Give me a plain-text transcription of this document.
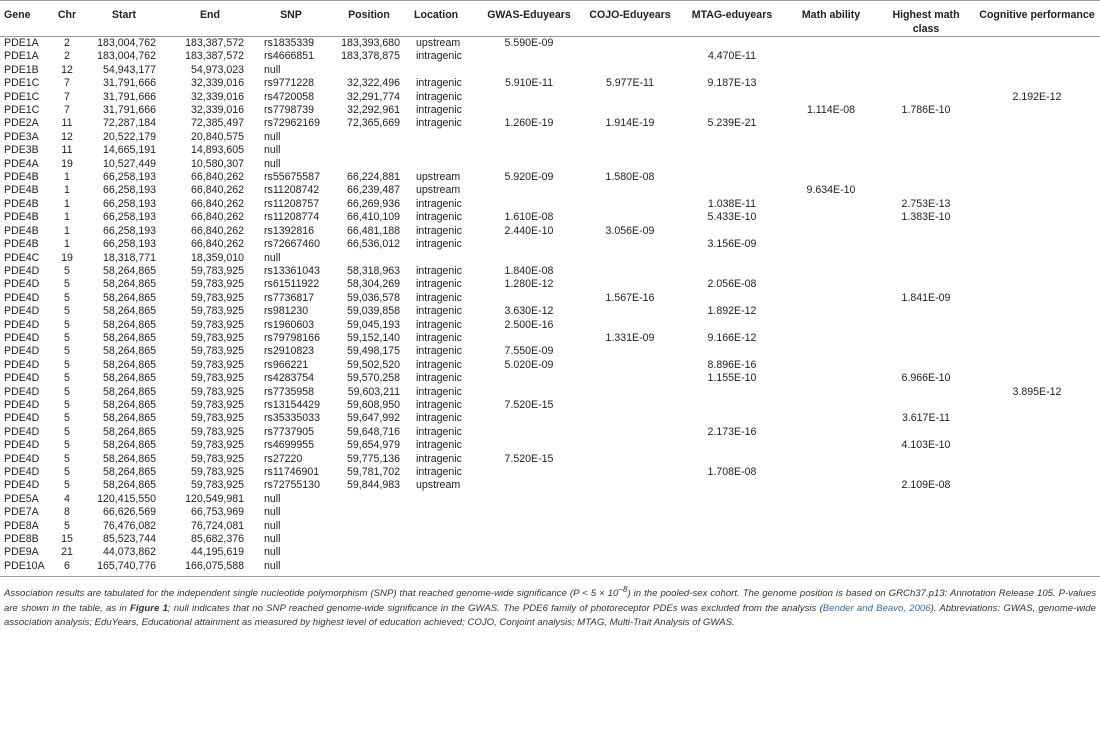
Gene	Chr	Start	End	SNP	Position	Location	GWAS-Eduyears	COJO-Eduyears	MTAG-eduyears	Math ability	Highest math class	Cognitive performance
PDE1A	2	183,004,762	183,387,572	rs1835339	183,393,680	upstream	5.590E-09					
PDE1A	2	183,004,762	183,387,572	rs4666851	183,378,875	intragenic			4.470E-11			
PDE1B	12	54,943,177	54,973,023	null								
PDE1C	7	31,791,666	32,339,016	rs9771228	32,322,496	intragenic	5.910E-11	5.977E-11	9.187E-13			
PDE1C	7	31,791,666	32,339,016	rs4720058	32,291,774	intragenic						2.192E-12
PDE1C	7	31,791,666	32,339,016	rs7798739	32,292,961	intragenic				1.114E-08	1.786E-10	
PDE2A	11	72,287,184	72,385,497	rs72962169	72,365,669	intragenic	1.260E-19	1.914E-19	5.239E-21			
PDE3A	12	20,522,179	20,840,575	null								
PDE3B	11	14,665,191	14,893,605	null								
PDE4A	19	10,527,449	10,580,307	null								
PDE4B	1	66,258,193	66,840,262	rs55675587	66,224,881	upstream	5.920E-09	1.580E-08				
PDE4B	1	66,258,193	66,840,262	rs11208742	66,239,487	upstream				9.634E-10		
PDE4B	1	66,258,193	66,840,262	rs11208757	66,269,936	intragenic			1.038E-11		2.753E-13	
PDE4B	1	66,258,193	66,840,262	rs11208774	66,410,109	intragenic	1.610E-08		5.433E-10		1.383E-10	
PDE4B	1	66,258,193	66,840,262	rs1392816	66,481,188	intragenic	2.440E-10	3.056E-09				
PDE4B	1	66,258,193	66,840,262	rs72667460	66,536,012	intragenic			3.156E-09			
PDE4C	19	18,318,771	18,359,010	null								
PDE4D	5	58,264,865	59,783,925	rs13361043	58,318,963	intragenic	1.840E-08					
PDE4D	5	58,264,865	59,783,925	rs61511922	58,304,269	intragenic	1.280E-12		2.056E-08			
PDE4D	5	58,264,865	59,783,925	rs7736817	59,036,578	intragenic		1.567E-16			1.841E-09	
PDE4D	5	58,264,865	59,783,925	rs981230	59,039,858	intragenic	3.630E-12		1.892E-12			
PDE4D	5	58,264,865	59,783,925	rs1960603	59,045,193	intragenic	2.500E-16					
PDE4D	5	58,264,865	59,783,925	rs79798166	59,152,140	intragenic		1.331E-09	9.166E-12			
PDE4D	5	58,264,865	59,783,925	rs2910823	59,498,175	intragenic	7.550E-09					
PDE4D	5	58,264,865	59,783,925	rs966221	59,502,520	intragenic	5.020E-09		8.896E-16			
PDE4D	5	58,264,865	59,783,925	rs4283754	59,570,258	intragenic			1.155E-10		6.966E-10	
PDE4D	5	58,264,865	59,783,925	rs7735958	59,603,211	intragenic						3.895E-12
PDE4D	5	58,264,865	59,783,925	rs13154429	59,608,950	intragenic	7.520E-15					
PDE4D	5	58,264,865	59,783,925	rs35335033	59,647,992	intragenic					3.617E-11	
PDE4D	5	58,264,865	59,783,925	rs7737905	59,648,716	intragenic			2.173E-16			
PDE4D	5	58,264,865	59,783,925	rs4699955	59,654,979	intragenic					4.103E-10	
PDE4D	5	58,264,865	59,783,925	rs27220	59,775,136	intragenic	7.520E-15					
PDE4D	5	58,264,865	59,783,925	rs11746901	59,781,702	intragenic			1.708E-08			
PDE4D	5	58,264,865	59,783,925	rs72755130	59,844,983	upstream					2.109E-08	
PDE5A	4	120,415,550	120,549,981	null								
PDE7A	8	66,626,569	66,753,969	null								
PDE8A	5	76,476,082	76,724,081	null								
PDE8B	15	85,523,744	85,682,376	null								
PDE9A	21	44,073,862	44,195,619	null								
PDE10A	6	165,740,776	166,075,588	null								
Association results are tabulated for the independent single nucleotide polymorphism (SNP) that reached genome-wide significance $(P < 5 \times 10^{-8})$ in the pooled-sex cohort. The genome position is based on GRCh37.p13: Annotation Release 105. P-values are shown in the table, as in Figure 1; null indicates that no SNP reached genome-wide significance in the GWAS. The PDE6 family of photoreceptor PDEs was excluded from the analysis (Bender and Beavo, 2006). Abbreviations: GWAS, genome-wide association analysis; EduYears, Educational attainment as measured by highest level of education achieved; COJO, Conjoint analysis; MTAG, Multi-Trait Analysis of GWAS.
